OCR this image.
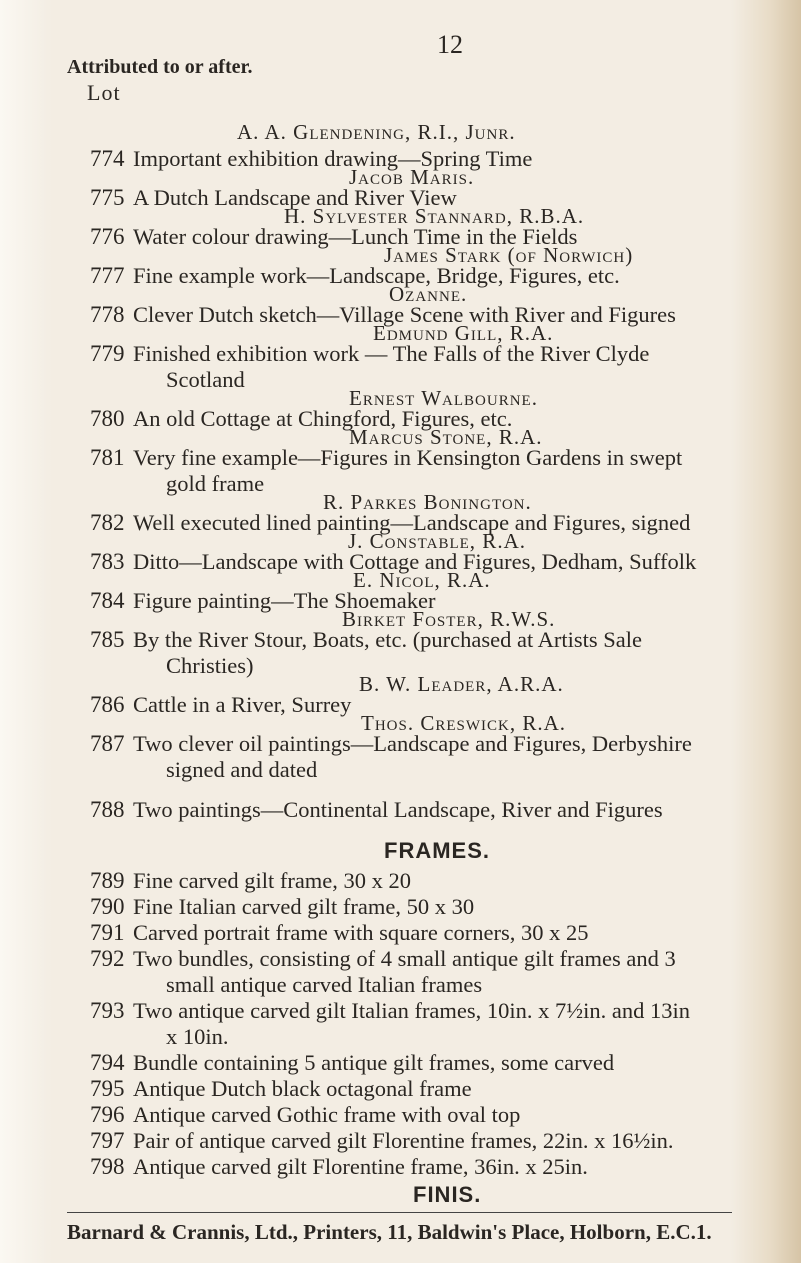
12
Attributed to or after.
Lot
A. A. Glendening, R.I., Junr.
Jacob Maris.
H. Sylvester Stannard, R.B.A.
James Stark (of Norwich)
Ozanne.
Edmund Gill, R.A.
Ernest Walbourne.
Marcus Stone, R.A.
R. Parkes Bonington.
J. Constable, R.A.
E. Nicol, R.A.
Birket Foster, R.W.S.
B. W. Leader, A.R.A.
Thos. Creswick, R.A.
774 Important exhibition drawing—Spring Time
775 A Dutch Landscape and River View
776 Water colour drawing—Lunch Time in the Fields
777 Fine example work—Landscape, Bridge, Figures, etc.
778 Clever Dutch sketch—Village Scene with River and Figures
779 Finished exhibition work — The Falls of the River Clyde
Scotland
780 An old Cottage at Chingford, Figures, etc.
781 Very fine example—Figures in Kensington Gardens in swept
gold frame
782 Well executed lined painting—Landscape and Figures, signed
783 Ditto—Landscape with Cottage and Figures, Dedham, Suffolk
784 Figure painting—The Shoemaker
785 By the River Stour, Boats, etc. (purchased at Artists Sale
Christies)
786 Cattle in a River, Surrey
787 Two clever oil paintings—Landscape and Figures, Derbyshire
signed and dated
788 Two paintings—Continental Landscape, River and Figures
789 Fine carved gilt frame, 30 x 20
790 Fine Italian carved gilt frame, 50 x 30
791 Carved portrait frame with square corners, 30 x 25
792 Two bundles, consisting of 4 small antique gilt frames and 3
small antique carved Italian frames
793 Two antique carved gilt Italian frames, 10in. x 7½in. and 13in
x 10in.
794 Bundle containing 5 antique gilt frames, some carved
795 Antique Dutch black octagonal frame
796 Antique carved Gothic frame with oval top
797 Pair of antique carved gilt Florentine frames, 22in. x 16½in.
798 Antique carved gilt Florentine frame, 36in. x 25in.
FRAMES.
FINIS.
Barnard & Crannis, Ltd., Printers, 11, Baldwin's Place, Holborn, E.C.1.
